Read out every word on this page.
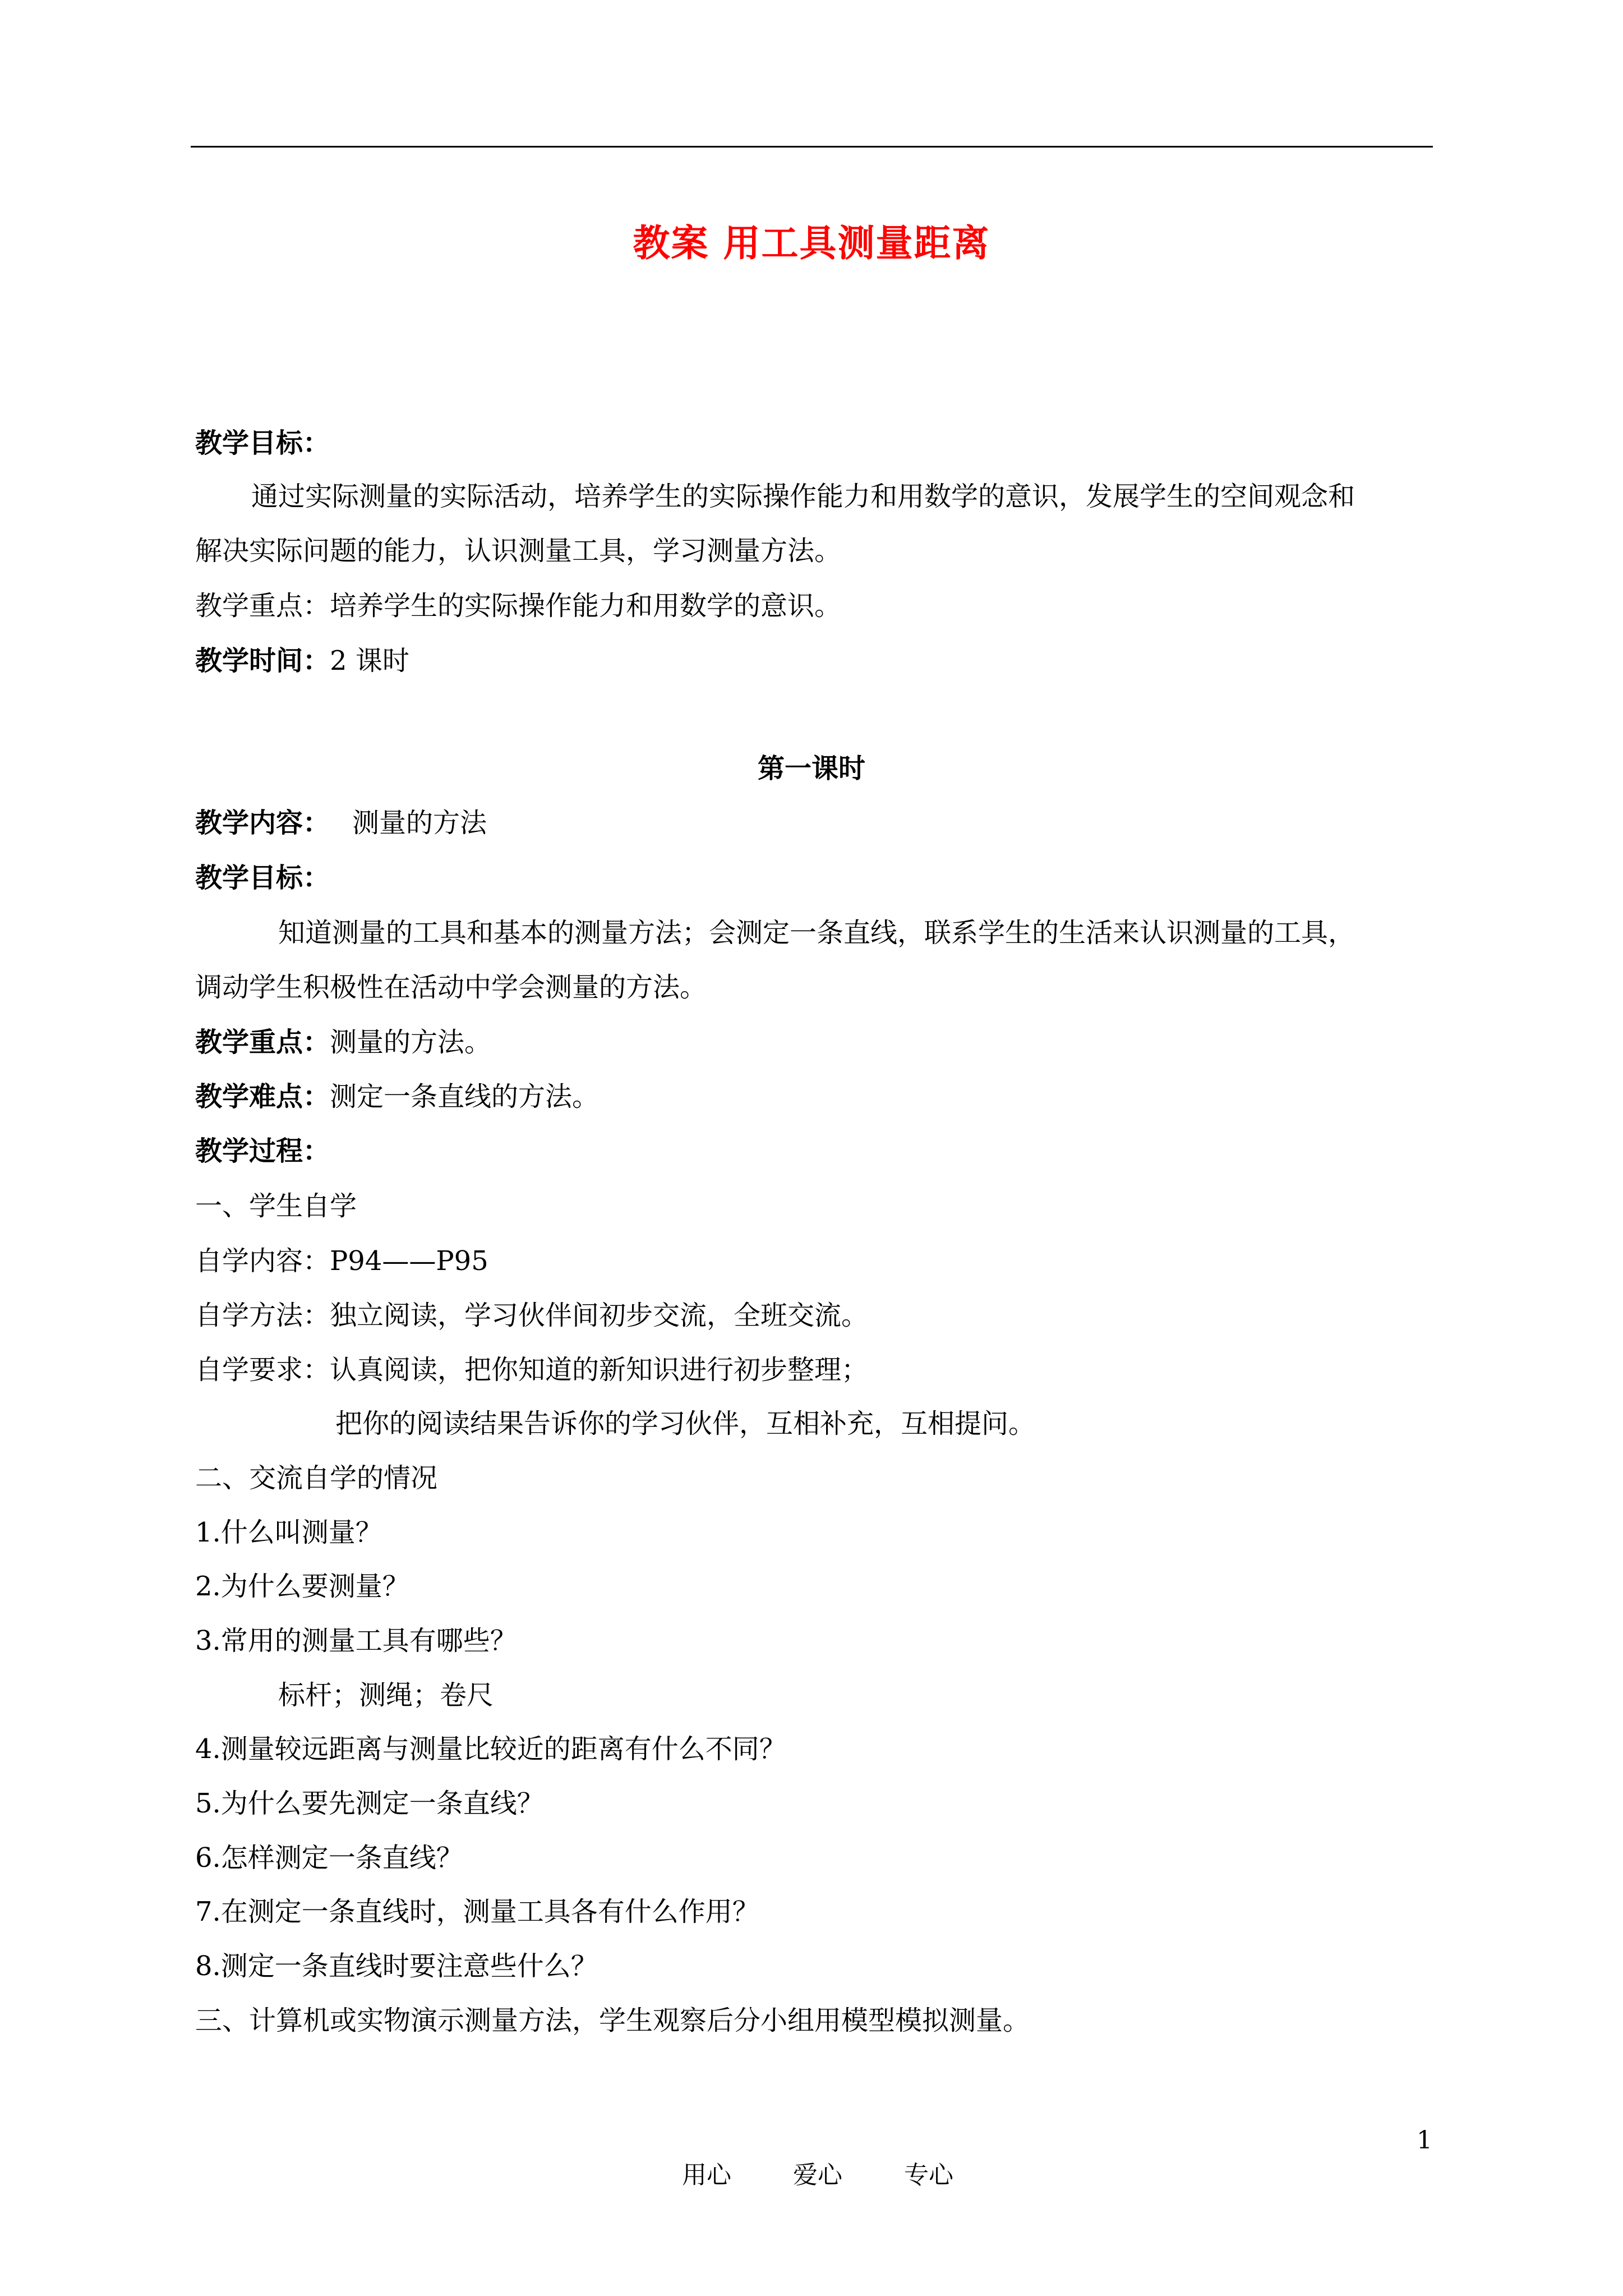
教案 用工具测量距离
教学目标：
通过实际测量的实际活动，培养学生的实际操作能力和用数学的意识，发展学生的空间观念和
解决实际问题的能力，认识测量工具，学习测量方法。
教学重点：培养学生的实际操作能力和用数学的意识。
教学时间：2 课时
第一课时
教学内容： 测量的方法
教学目标：
知道测量的工具和基本的测量方法；会测定一条直线，联系学生的生活来认识测量的工具，
调动学生积极性在活动中学会测量的方法。
教学重点：测量的方法。
教学难点：测定一条直线的方法。
教学过程：
一、学生自学
自学内容：P94——P95
自学方法：独立阅读，学习伙伴间初步交流，全班交流。
自学要求：认真阅读，把你知道的新知识进行初步整理；
把你的阅读结果告诉你的学习伙伴，互相补充，互相提问。
二、交流自学的情况
1.什么叫测量？
2.为什么要测量？
3.常用的测量工具有哪些？
标杆；测绳；卷尺
4.测量较远距离与测量比较近的距离有什么不同？
5.为什么要先测定一条直线？
6.怎样测定一条直线？
7.在测定一条直线时，测量工具各有什么作用？
8.测定一条直线时要注意些什么？
三、计算机或实物演示测量方法，学生观察后分小组用模型模拟测量。

用心	爱心	专心

1
